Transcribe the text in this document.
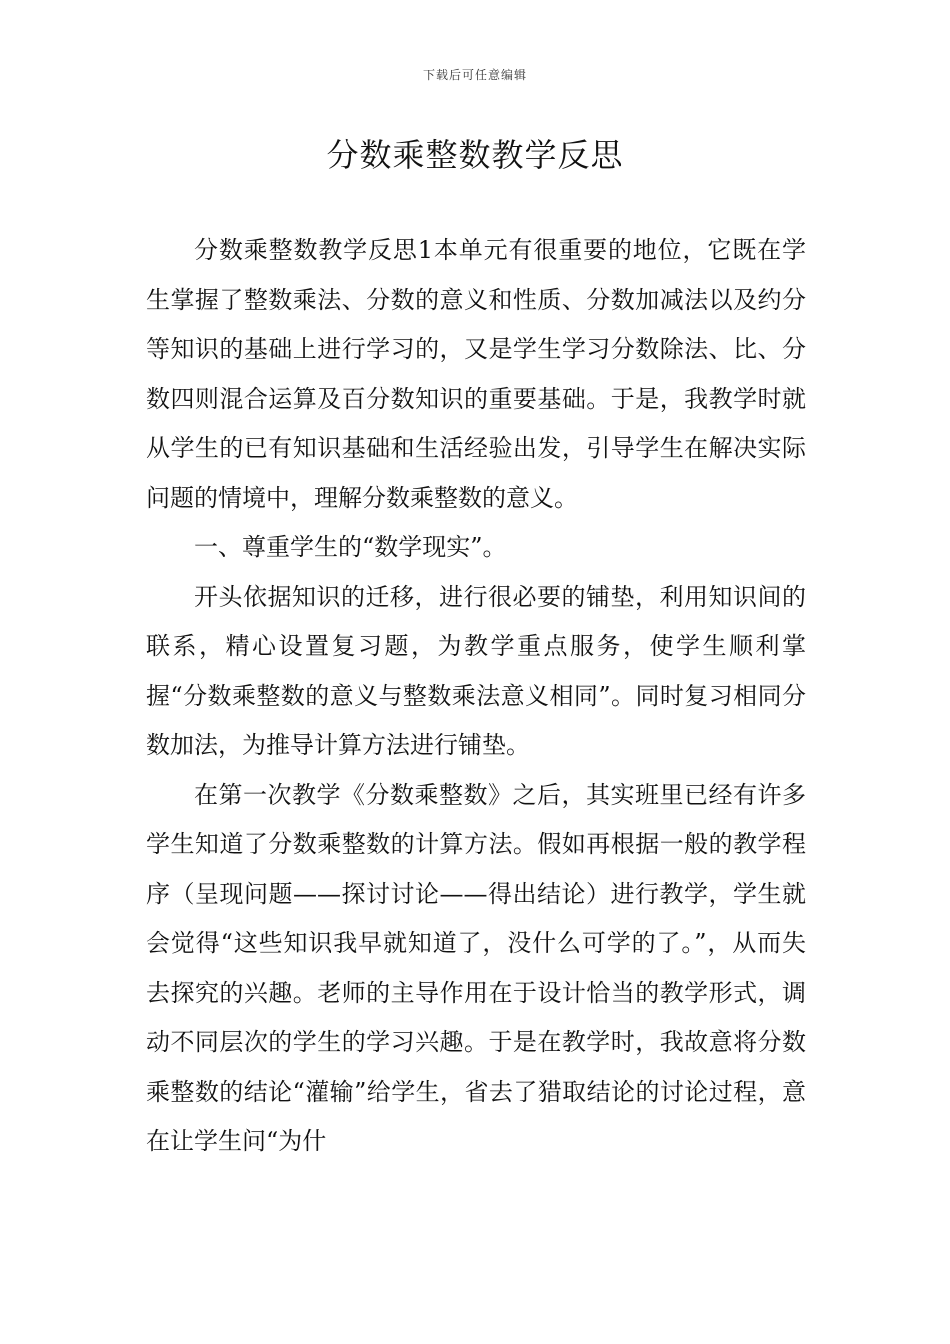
下载后可任意编辑
分数乘整数教学反思

分数乘整数教学反思1本单元有很重要的地位，它既在学生掌握了整数乘法、分数的意义和性质、分数加减法以及约分等知识的基础上进行学习的，又是学生学习分数除法、比、分数四则混合运算及百分数知识的重要基础。于是，我教学时就从学生的已有知识基础和生活经验出发，引导学生在解决实际问题的情境中，理解分数乘整数的意义。

一、尊重学生的“数学现实”。

开头依据知识的迁移，进行很必要的铺垫，利用知识间的联系，精心设置复习题，为教学重点服务，使学生顺利掌握“分数乘整数的意义与整数乘法意义相同”。同时复习相同分数加法，为推导计算方法进行铺垫。

在第一次教学《分数乘整数》之后，其实班里已经有许多学生知道了分数乘整数的计算方法。假如再根据一般的教学程序（呈现问题——探讨讨论——得出结论）进行教学，学生就会觉得“这些知识我早就知道了，没什么可学的了。”，从而失去探究的兴趣。老师的主导作用在于设计恰当的教学形式，调动不同层次的学生的学习兴趣。于是在教学时，我故意将分数乘整数的结论“灌输”给学生，省去了猎取结论的讨论过程，意在让学生问“为什
